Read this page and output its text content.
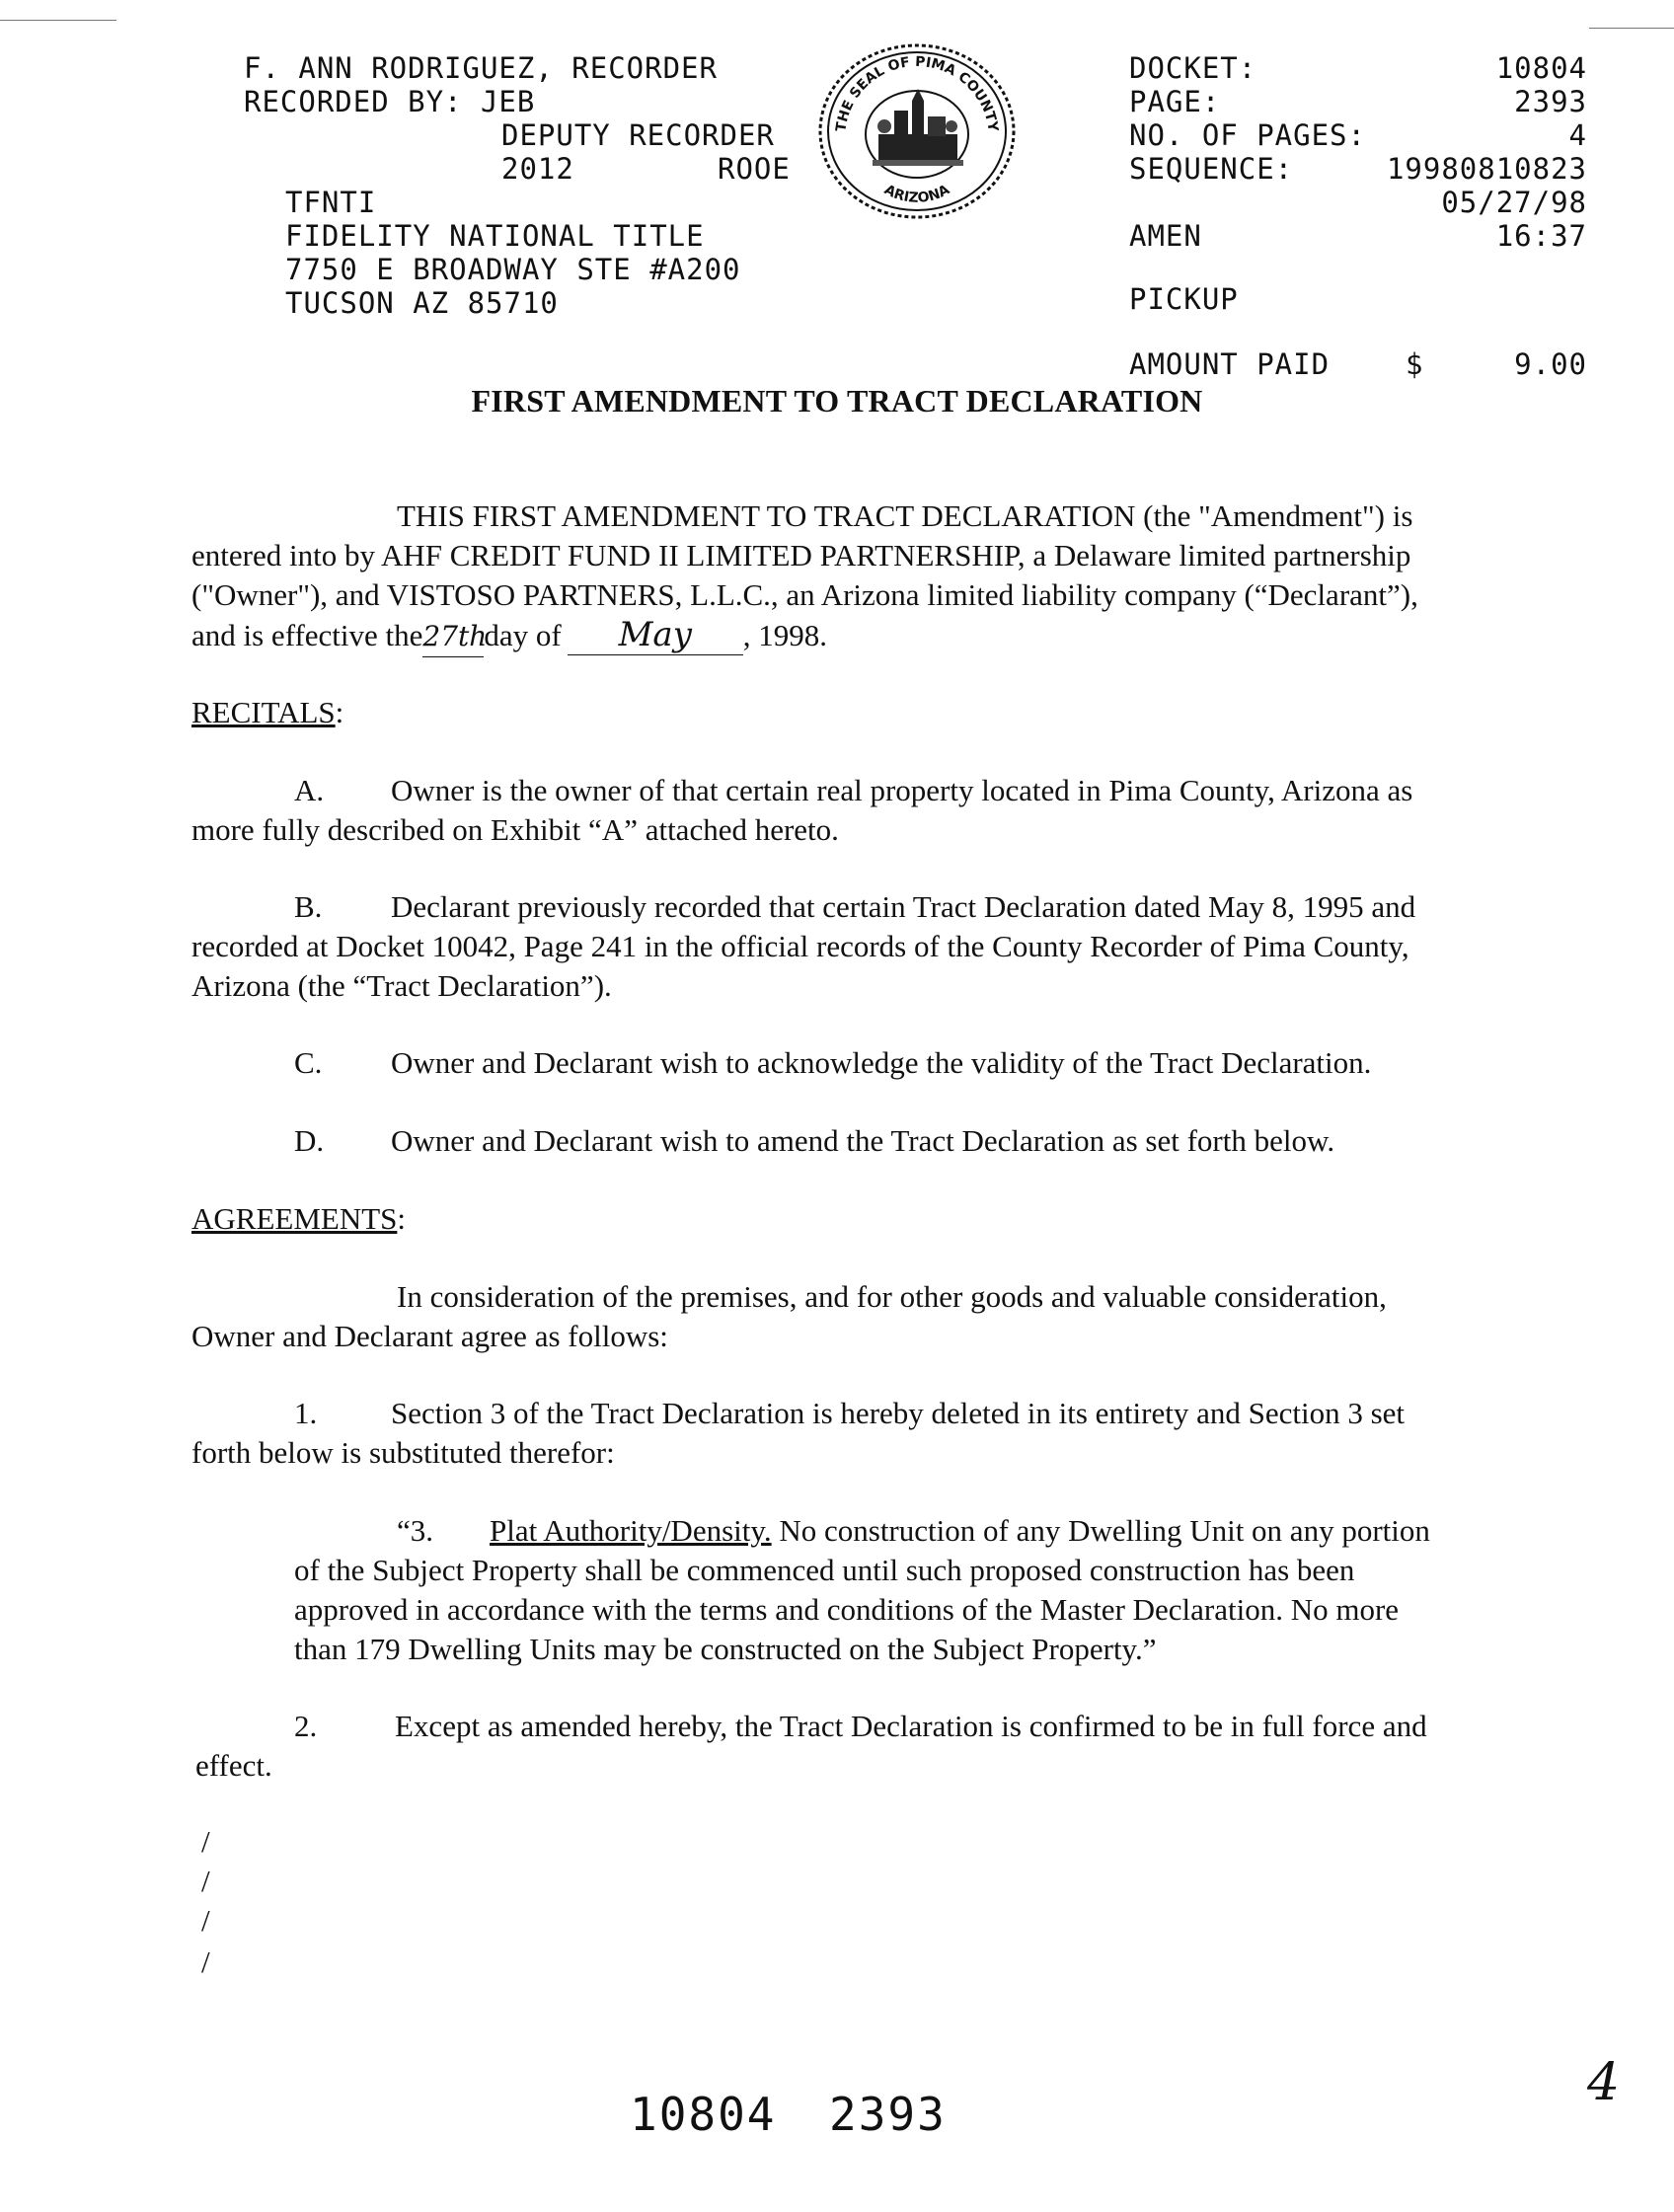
F. ANN RODRIGUEZ, RECORDER
RECORDED BY: JEB
DEPUTY RECORDER
2012	ROOE
TFNTI
FIDELITY NATIONAL TITLE
7750 E BROADWAY STE #A200
TUCSON AZ 85710
THE SEAL OF PIMA COUNTY
ARIZONA
DOCKET:	10804
PAGE:	2393
NO. OF PAGES:	4
SEQUENCE:	19980810823
05/27/98
AMEN	16:37
PICKUP
AMOUNT PAID	$	9.00
FIRST AMENDMENT TO TRACT DECLARATION
THIS FIRST AMENDMENT TO TRACT DECLARATION (the "Amendment") is
entered into by AHF CREDIT FUND II LIMITED PARTNERSHIP, a Delaware limited partnership
("Owner"), and VISTOSO PARTNERS, L.L.C., an Arizona limited liability company (“Declarant”),
and is effective the27thday of May , 1998.
RECITALS:
A. Owner is the owner of that certain real property located in Pima County, Arizona as
more fully described on Exhibit “A” attached hereto.
B. Declarant previously recorded that certain Tract Declaration dated May 8, 1995 and
recorded at Docket 10042, Page 241 in the official records of the County Recorder of Pima County,
Arizona (the “Tract Declaration”).
C. Owner and Declarant wish to acknowledge the validity of the Tract Declaration.
D. Owner and Declarant wish to amend the Tract Declaration as set forth below.
AGREEMENTS:
In consideration of the premises, and for other goods and valuable consideration,
Owner and Declarant agree as follows:
1. Section 3 of the Tract Declaration is hereby deleted in its entirety and Section 3 set
forth below is substituted therefor:
“3. Plat Authority/Density. No construction of any Dwelling Unit on any portion
of the Subject Property shall be commenced until such proposed construction has been
approved in accordance with the terms and conditions of the Master Declaration. No more
than 179 Dwelling Units may be constructed on the Subject Property.”
2.	Except as amended hereby, the Tract Declaration is confirmed to be in full force and
effect.
/
/
/
/
4
10804 2393
